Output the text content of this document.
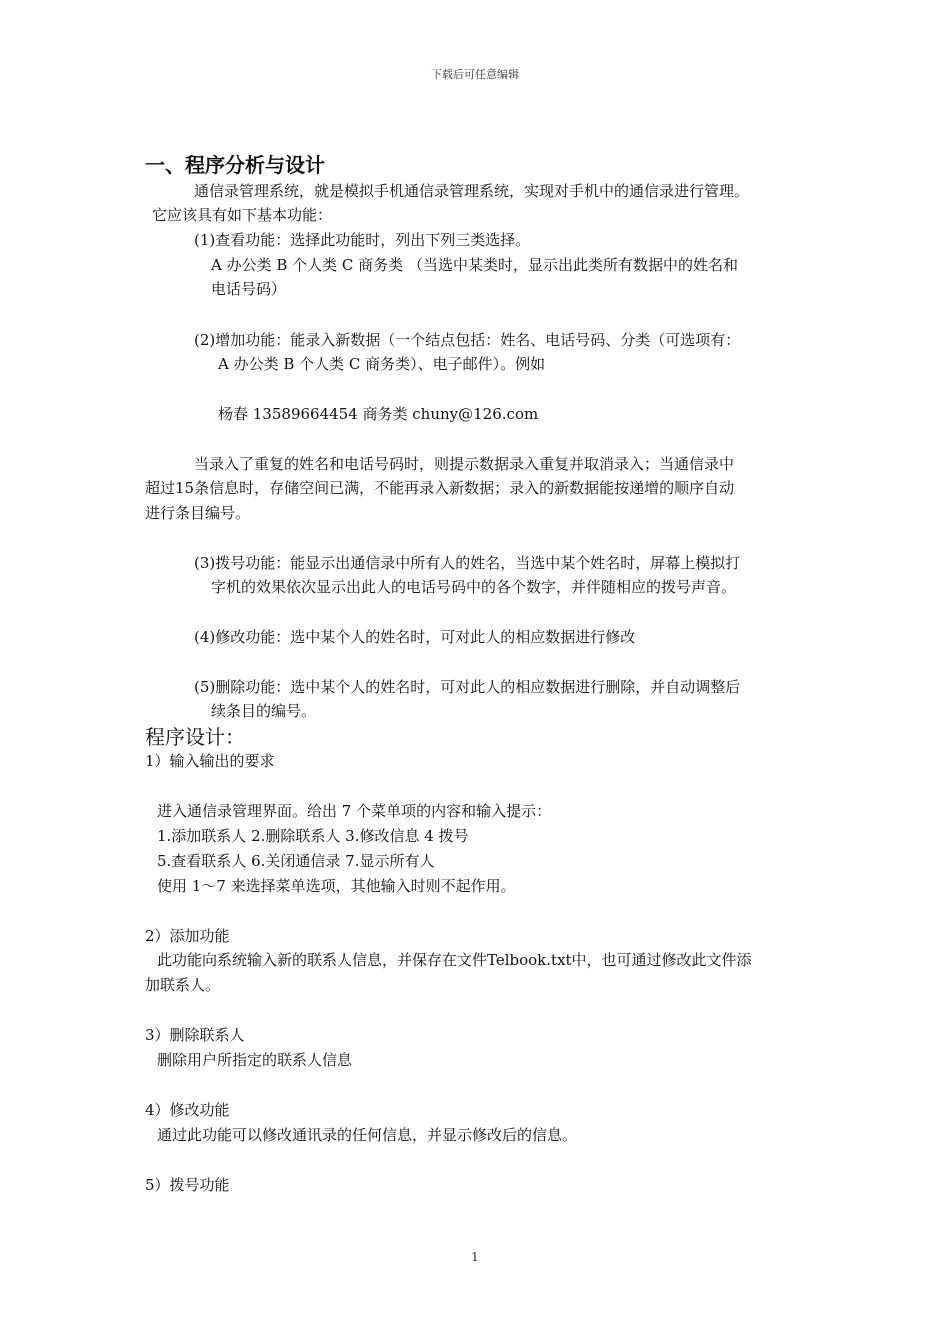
下载后可任意编辑
一、程序分析与设计
通信录管理系统，就是模拟手机通信录管理系统，实现对手机中的通信录进行管理。
它应该具有如下基本功能：
(1)查看功能：选择此功能时，列出下列三类选择。
A 办公类 B 个人类 C 商务类 （当选中某类时，显示出此类所有数据中的姓名和
电话号码）
(2)增加功能：能录入新数据（一个结点包括：姓名、电话号码、分类（可选项有：
A 办公类 B 个人类 C 商务类）、电子邮件）。例如
杨春 13589664454 商务类 chuny@126.com
当录入了重复的姓名和电话号码时，则提示数据录入重复并取消录入；当通信录中
超过15条信息时，存储空间已满，不能再录入新数据；录入的新数据能按递增的顺序自动
进行条目编号。
(3)拨号功能：能显示出通信录中所有人的姓名，当选中某个姓名时，屏幕上模拟打
字机的效果依次显示出此人的电话号码中的各个数字，并伴随相应的拨号声音。
(4)修改功能：选中某个人的姓名时，可对此人的相应数据进行修改
(5)删除功能：选中某个人的姓名时，可对此人的相应数据进行删除，并自动调整后
续条目的编号。
程序设计：
1）输入输出的要求
进入通信录管理界面。给出 7 个菜单项的内容和输入提示：
1.添加联系人 2.删除联系人 3.修改信息 4 拨号
5.查看联系人 6.关闭通信录 7.显示所有人
使用 1～7 来选择菜单选项，其他输入时则不起作用。
2）添加功能
此功能向系统输入新的联系人信息，并保存在文件Telbook.txt中，也可通过修改此文件添
加联系人。
3）删除联系人
删除用户所指定的联系人信息
4）修改功能
通过此功能可以修改通讯录的任何信息，并显示修改后的信息。
5）拨号功能
1
